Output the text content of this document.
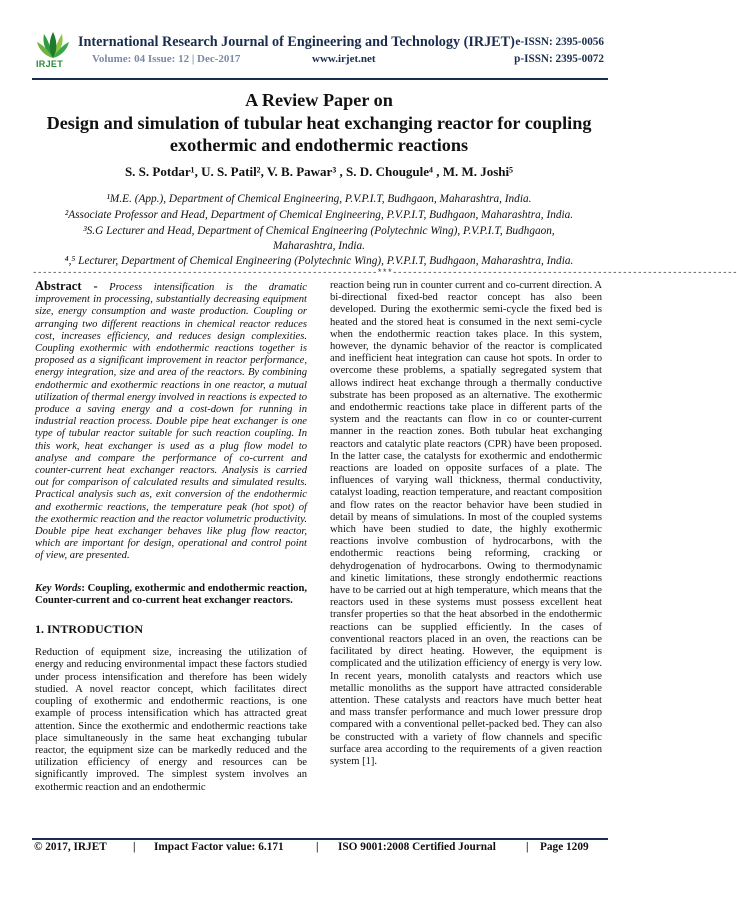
IRJET
International Research Journal of Engineering and Technology (IRJET) e-ISSN: 2395-0056
Volume: 04 Issue: 12 | Dec-2017	www.irjet.net	p-ISSN: 2395-0072
A Review Paper on
Design and simulation of tubular heat exchanging reactor for coupling exothermic and endothermic reactions
S. S. Potdar¹, U. S. Patil², V. B. Pawar³ , S. D. Chougule⁴ , M. M. Joshi⁵
¹M.E. (App.), Department of Chemical Engineering, P.V.P.I.T, Budhgaon, Maharashtra, India.
²Associate Professor and Head, Department of Chemical Engineering, P.V.P.I.T, Budhgaon, Maharashtra, India.
³S.G Lecturer and Head, Department of Chemical Engineering (Polytechnic Wing), P.V.P.I.T, Budhgaon, Maharashtra, India.
⁴,⁵ Lecturer, Department of Chemical Engineering (Polytechnic Wing), P.V.P.I.T, Budhgaon, Maharashtra, India.
---------------------------------------------------------------------***---------------------------------------------------------------------

Abstract - Process intensification is the dramatic improvement in processing, substantially decreasing equipment size, energy consumption and waste production. Coupling or arranging two different reactions in chemical reactor reduces cost, increases efficiency, and reduces design complexities. Coupling exothermic with endothermic reactions together is proposed as a significant improvement in reactor performance, energy integration, size and area of the reactors. By combining endothermic and exothermic reactions in one reactor, a mutual utilization of thermal energy involved in reactions is expected to produce a saving energy and a cost-down for running in industrial reaction process. Double pipe heat exchanger is one type of tubular reactor suitable for such reaction coupling. In this work, heat exchanger is used as a plug flow model to analyse and compare the performance of co-current and counter-current heat exchanger reactors. Analysis is carried out for comparison of calculated results and simulated results. Practical analysis such as, exit conversion of the endothermic and exothermic reactions, the temperature peak (hot spot) of the exothermic reaction and the reactor volumetric productivity. Double pipe heat exchanger behaves like plug flow reactor, which are important for design, operational and control point of view, are presented.

Key Words: Coupling, exothermic and endothermic reaction, Counter-current and co-current heat exchanger reactors.

1. INTRODUCTION

Reduction of equipment size, increasing the utilization of energy and reducing environmental impact these factors studied under process intensification and therefore has been widely studied. A novel reactor concept, which facilitates direct coupling of exothermic and endothermic reactions, is one example of process intensification which has attracted great attention. Since the exothermic and endothermic reactions take place simultaneously in the same heat exchanging tubular reactor, the equipment size can be markedly reduced and the utilization efficiency of energy and resources can be significantly improved. The simplest system involves an exothermic reaction and an endothermic

reaction being run in counter current and co-current direction. A bi-directional fixed-bed reactor concept has also been developed. During the exothermic semi-cycle the fixed bed is heated and the stored heat is consumed in the next semi-cycle when the endothermic reaction takes place. In this system, however, the dynamic behavior of the reactor is complicated and inefficient heat integration can cause hot spots. In order to overcome these problems, a spatially segregated system that allows indirect heat exchange through a thermally conductive substrate has been proposed as an alternative. The exothermic and endothermic reactions take place in different parts of the system and the reactants can flow in co or counter-current manner in the reaction zones. Both tubular heat exchanging reactors and catalytic plate reactors (CPR) have been proposed. In the latter case, the catalysts for exothermic and endothermic reactions are loaded on opposite surfaces of a plate. The influences of varying wall thickness, thermal conductivity, catalyst loading, reaction temperature, and reactant composition and flow rates on the reactor behavior have been studied in detail by means of simulations. In most of the coupled systems which have been studied to date, the highly exothermic reactions involve combustion of hydrocarbons, with the endothermic reactions being reforming, cracking or dehydrogenation of hydrocarbons. Owing to thermodynamic and kinetic limitations, these strongly endothermic reactions have to be carried out at high temperature, which means that the reactors used in these systems must possess excellent heat transfer properties so that the heat absorbed in the endothermic reactions can be supplied efficiently. In the cases of conventional reactors placed in an oven, the reactions can be facilitated by direct heating. However, the equipment is complicated and the utilization efficiency of energy is very low. In recent years, monolith catalysts and reactors which use metallic monoliths as the support have attracted considerable attention. These catalysts and reactors have much better heat and mass transfer performance and much lower pressure drop compared with a conventional pellet-packed bed. They can also be constructed with a variety of flow channels and specific surface area according to the requirements of a given reaction system [1].

© 2017, IRJET | Impact Factor value: 6.171	| ISO 9001:2008 Certified Journal	| Page 1209
